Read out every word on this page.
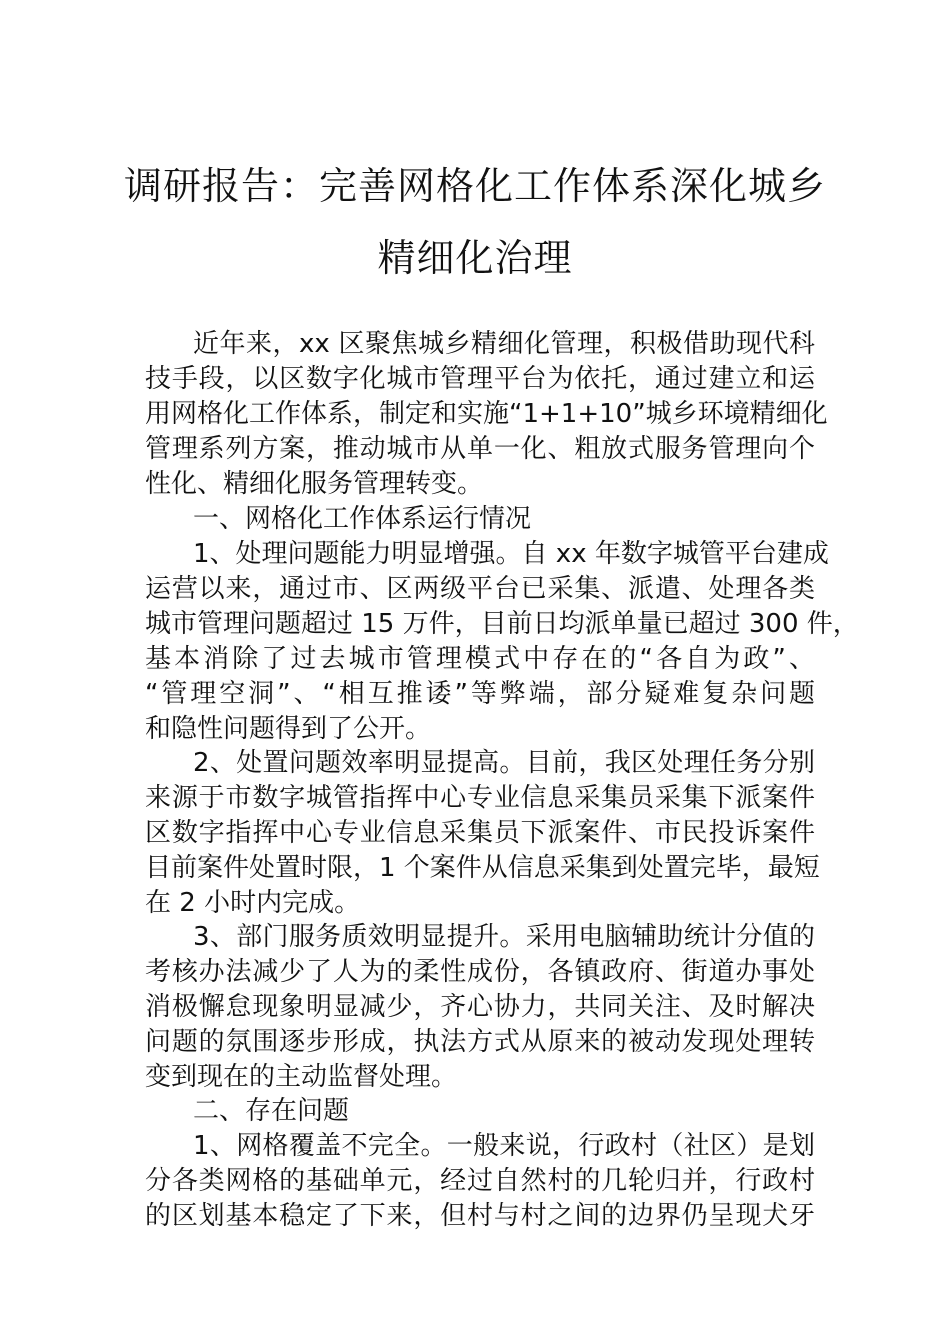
调研报告：完善网格化工作体系深化城乡
精细化治理
近年来，xx 区聚焦城乡精细化管理，积极借助现代科
技手段，以区数字化城市管理平台为依托，通过建立和运
用网格化工作体系，制定和实施“1+1+10”城乡环境精细化
管理系列方案，推动城市从单一化、粗放式服务管理向个
性化、精细化服务管理转变。
一、网格化工作体系运行情况
1、处理问题能力明显增强。自 xx 年数字城管平台建成
运营以来，通过市、区两级平台已采集、派遣、处理各类
城市管理问题超过 15 万件，目前日均派单量已超过 300 件，
基本消除了过去城市管理模式中存在的“各自为政”、
“管理空洞”、“相互推诿”等弊端，部分疑难复杂问题
和隐性问题得到了公开。
2、处置问题效率明显提高。目前，我区处理任务分别
来源于市数字城管指挥中心专业信息采集员采集下派案件
区数字指挥中心专业信息采集员下派案件、市民投诉案件
目前案件处置时限，1 个案件从信息采集到处置完毕，最短
在 2 小时内完成。
3、部门服务质效明显提升。采用电脑辅助统计分值的
考核办法减少了人为的柔性成份，各镇政府、街道办事处
消极懈怠现象明显减少，齐心协力，共同关注、及时解决
问题的氛围逐步形成，执法方式从原来的被动发现处理转
变到现在的主动监督处理。
二、存在问题
1、网格覆盖不完全。一般来说，行政村（社区）是划
分各类网格的基础单元，经过自然村的几轮归并，行政村
的区划基本稳定了下来，但村与村之间的边界仍呈现犬牙
